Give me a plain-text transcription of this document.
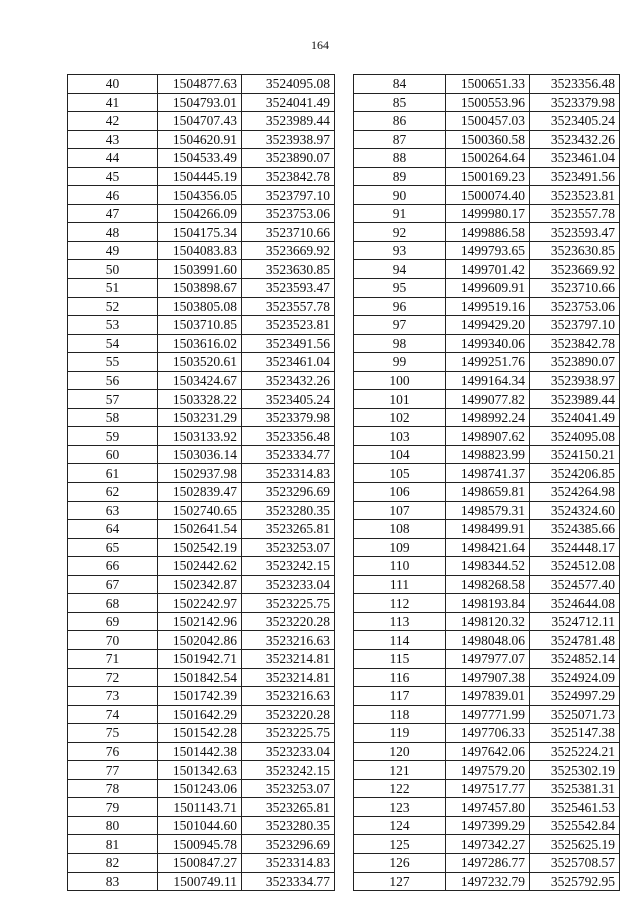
164
40	1504877.63	3524095.08
41	1504793.01	3524041.49
42	1504707.43	3523989.44
43	1504620.91	3523938.97
44	1504533.49	3523890.07
45	1504445.19	3523842.78
46	1504356.05	3523797.10
47	1504266.09	3523753.06
48	1504175.34	3523710.66
49	1504083.83	3523669.92
50	1503991.60	3523630.85
51	1503898.67	3523593.47
52	1503805.08	3523557.78
53	1503710.85	3523523.81
54	1503616.02	3523491.56
55	1503520.61	3523461.04
56	1503424.67	3523432.26
57	1503328.22	3523405.24
58	1503231.29	3523379.98
59	1503133.92	3523356.48
60	1503036.14	3523334.77
61	1502937.98	3523314.83
62	1502839.47	3523296.69
63	1502740.65	3523280.35
64	1502641.54	3523265.81
65	1502542.19	3523253.07
66	1502442.62	3523242.15
67	1502342.87	3523233.04
68	1502242.97	3523225.75
69	1502142.96	3523220.28
70	1502042.86	3523216.63
71	1501942.71	3523214.81
72	1501842.54	3523214.81
73	1501742.39	3523216.63
74	1501642.29	3523220.28
75	1501542.28	3523225.75
76	1501442.38	3523233.04
77	1501342.63	3523242.15
78	1501243.06	3523253.07
79	1501143.71	3523265.81
80	1501044.60	3523280.35
81	1500945.78	3523296.69
82	1500847.27	3523314.83
83	1500749.11	3523334.77
84	1500651.33	3523356.48
85	1500553.96	3523379.98
86	1500457.03	3523405.24
87	1500360.58	3523432.26
88	1500264.64	3523461.04
89	1500169.23	3523491.56
90	1500074.40	3523523.81
91	1499980.17	3523557.78
92	1499886.58	3523593.47
93	1499793.65	3523630.85
94	1499701.42	3523669.92
95	1499609.91	3523710.66
96	1499519.16	3523753.06
97	1499429.20	3523797.10
98	1499340.06	3523842.78
99	1499251.76	3523890.07
100	1499164.34	3523938.97
101	1499077.82	3523989.44
102	1498992.24	3524041.49
103	1498907.62	3524095.08
104	1498823.99	3524150.21
105	1498741.37	3524206.85
106	1498659.81	3524264.98
107	1498579.31	3524324.60
108	1498499.91	3524385.66
109	1498421.64	3524448.17
110	1498344.52	3524512.08
111	1498268.58	3524577.40
112	1498193.84	3524644.08
113	1498120.32	3524712.11
114	1498048.06	3524781.48
115	1497977.07	3524852.14
116	1497907.38	3524924.09
117	1497839.01	3524997.29
118	1497771.99	3525071.73
119	1497706.33	3525147.38
120	1497642.06	3525224.21
121	1497579.20	3525302.19
122	1497517.77	3525381.31
123	1497457.80	3525461.53
124	1497399.29	3525542.84
125	1497342.27	3525625.19
126	1497286.77	3525708.57
127	1497232.79	3525792.95
